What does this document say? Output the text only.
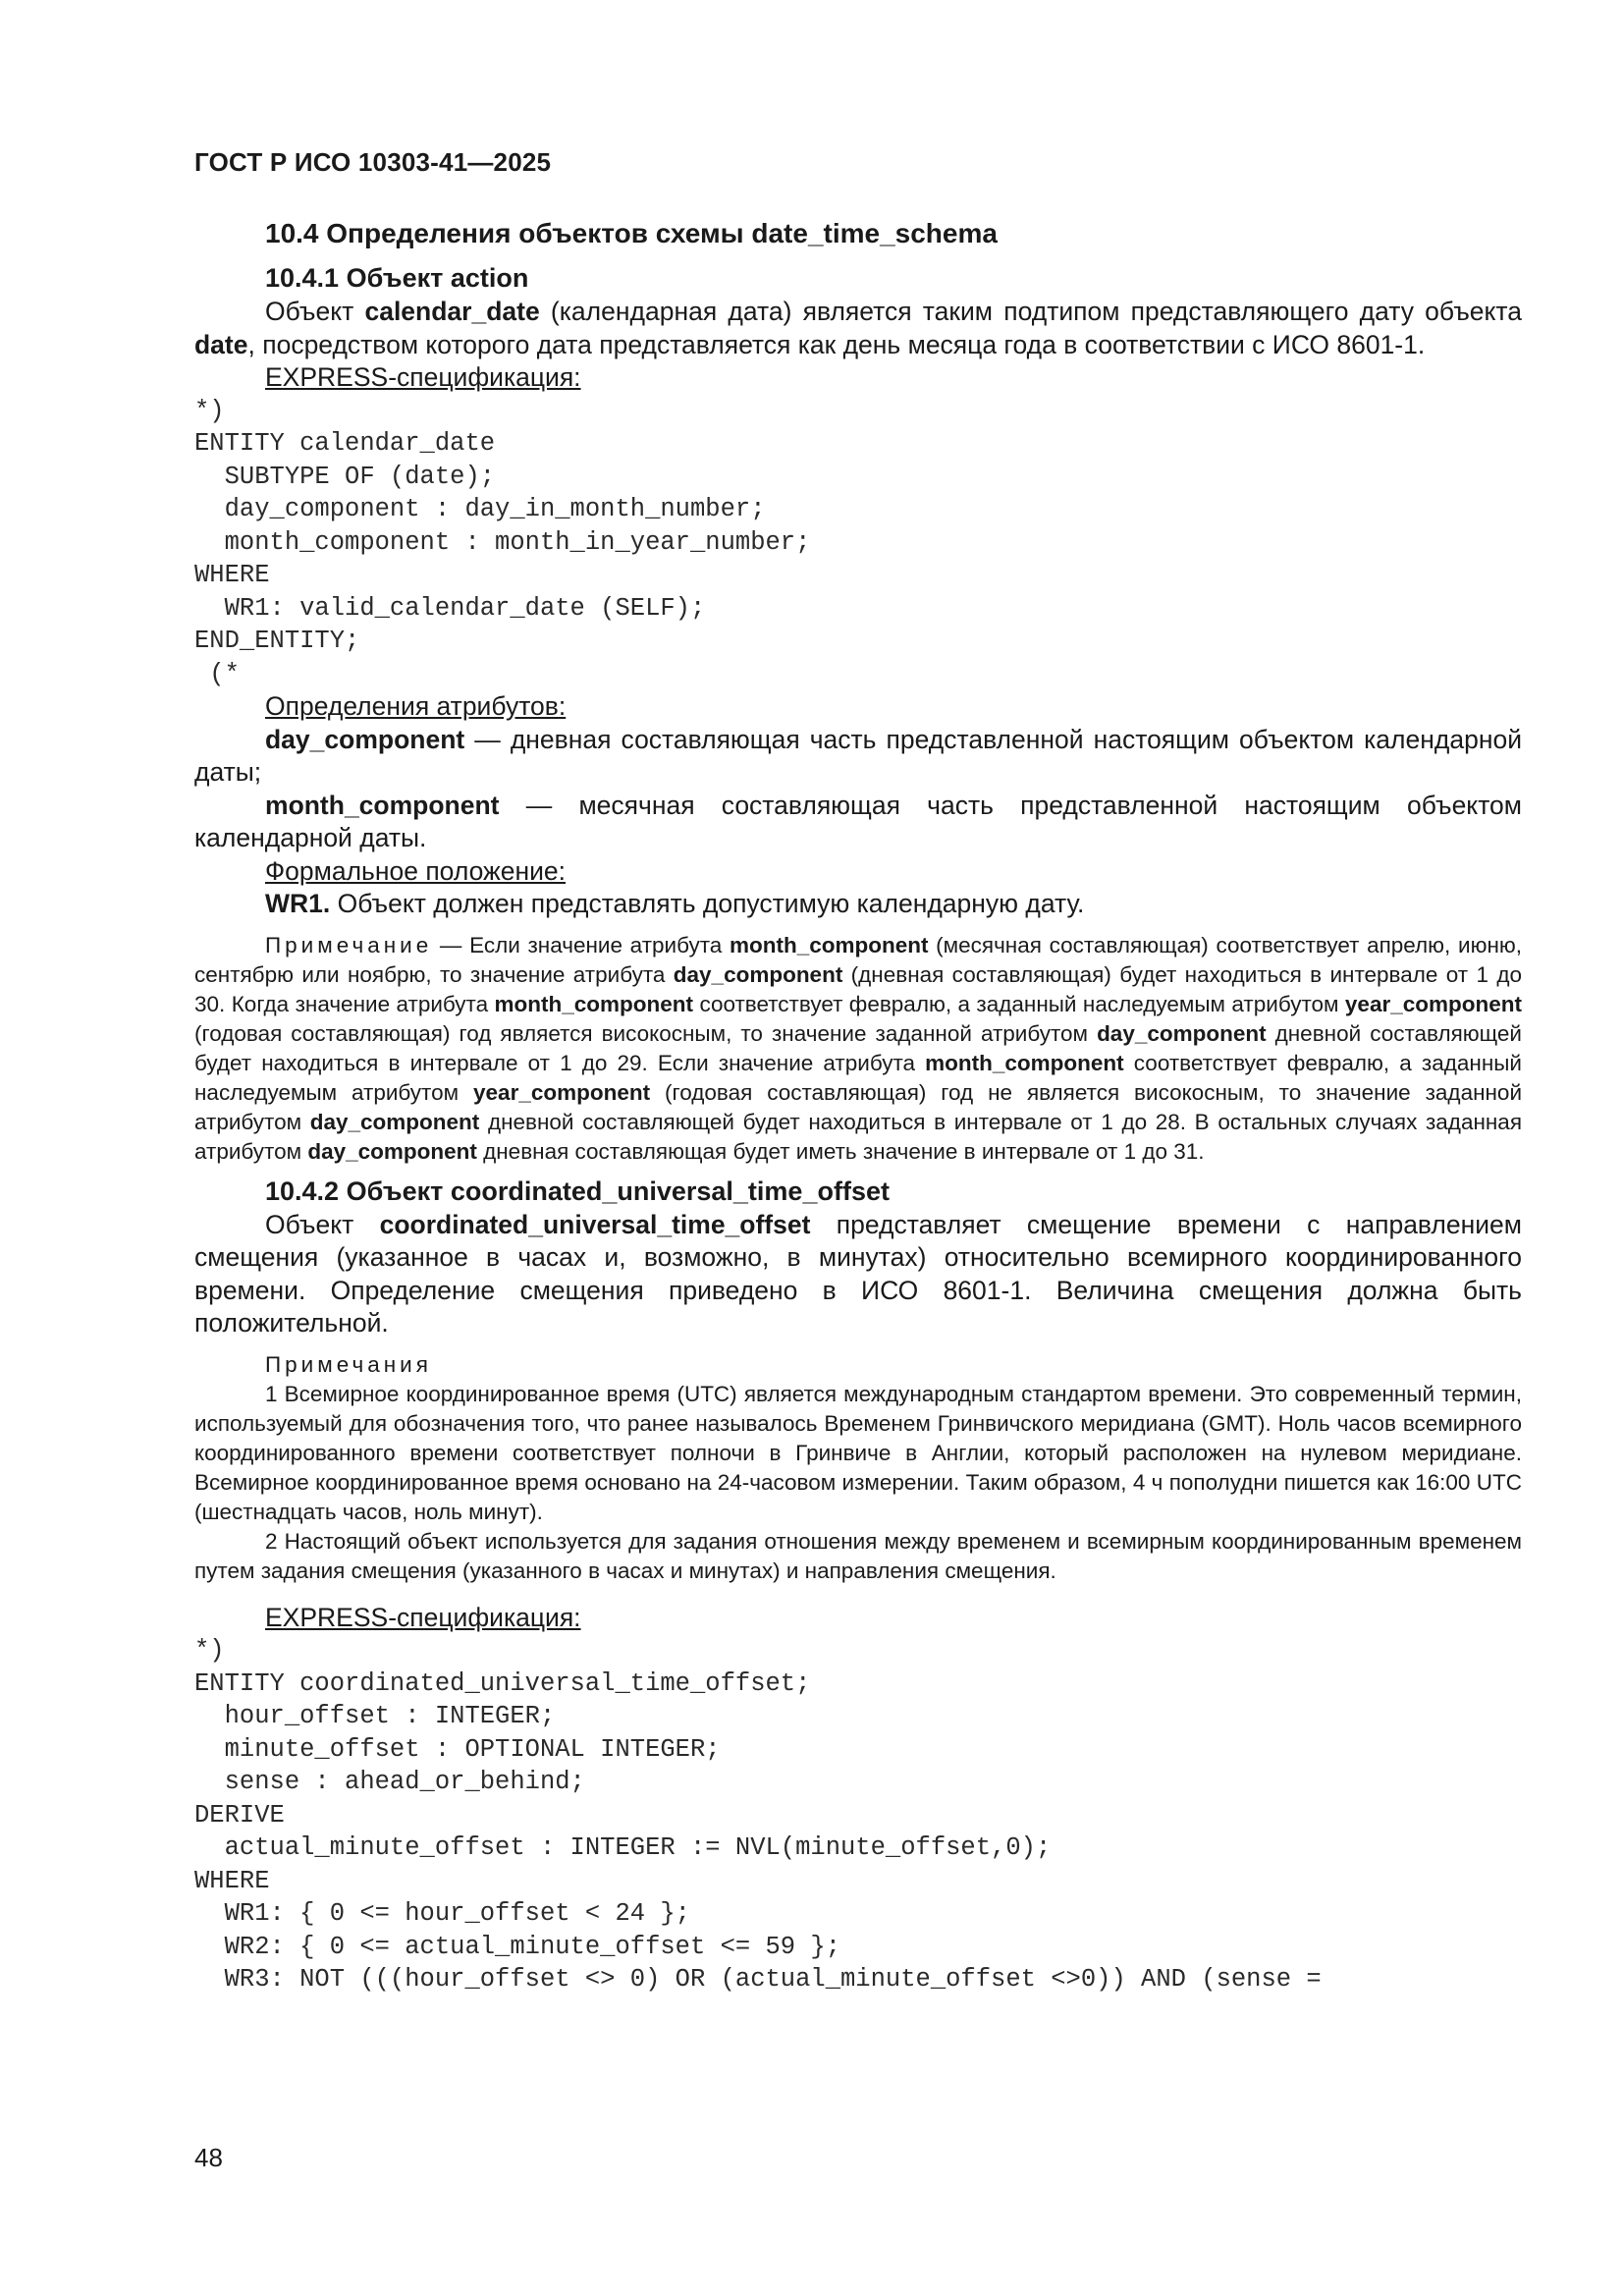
ГОСТ Р ИСО 10303-41—2025
10.4 Определения объектов схемы date_time_schema
10.4.1 Объект action

Объект calendar_date (календарная дата) является таким подтипом представляющего дату объекта date, посредством которого дата представляется как день месяца года в соответствии с ИСО 8601-1.

EXPRESS-спецификация:
*)
ENTITY calendar_date
SUBTYPE OF (date);
day_component : day_in_month_number;
month_component : month_in_year_number;
WHERE
WR1: valid_calendar_date (SELF);
END_ENTITY;
(*
Определения атрибутов:

day_component — дневная составляющая часть представленной настоящим объектом календарной даты;

month_component — месячная составляющая часть представленной настоящим объектом календарной даты.

Формальное положение:

WR1. Объект должен представлять допустимую календарную дату.

Примечание — Если значение атрибута month_component (месячная составляющая) соответствует апрелю, июню, сентябрю или ноябрю, то значение атрибута day_component (дневная составляющая) будет находиться в интервале от 1 до 30. Когда значение атрибута month_component соответствует февралю, а заданный наследуемым атрибутом year_component (годовая составляющая) год является високосным, то значение заданной атрибутом day_component дневной составляющей будет находиться в интервале от 1 до 29. Если значение атрибута month_component соответствует февралю, а заданный наследуемым атрибутом year_component (годовая составляющая) год не является високосным, то значение заданной атрибутом day_component дневной составляющей будет находиться в интервале от 1 до 28. В остальных случаях заданная атрибутом day_component дневная составляющая будет иметь значение в интервале от 1 до 31.

10.4.2 Объект coordinated_universal_time_offset

Объект coordinated_universal_time_offset представляет смещение времени с направлением смещения (указанное в часах и, возможно, в минутах) относительно всемирного координированного времени. Определение смещения приведено в ИСО 8601-1. Величина смещения должна быть положительной.

Примечания

1 Всемирное координированное время (UTC) является международным стандартом времени. Это современный термин, используемый для обозначения того, что ранее называлось Временем Гринвичского меридиана (GMT). Ноль часов всемирного координированного времени соответствует полночи в Гринвиче в Англии, который расположен на нулевом меридиане. Всемирное координированное время основано на 24-часовом измерении. Таким образом, 4 ч пополудни пишется как 16:00 UTC (шестнадцать часов, ноль минут).

2 Настоящий объект используется для задания отношения между временем и всемирным координированным временем путем задания смещения (указанного в часах и минутах) и направления смещения.

EXPRESS-спецификация:
*)
ENTITY coordinated_universal_time_offset;
hour_offset : INTEGER;
minute_offset : OPTIONAL INTEGER;
sense : ahead_or_behind;
DERIVE
actual_minute_offset : INTEGER := NVL(minute_offset,0);
WHERE
WR1: { 0 <= hour_offset < 24 };
WR2: { 0 <= actual_minute_offset <= 59 };
WR3: NOT (((hour_offset <> 0) OR (actual_minute_offset <>0)) AND (sense =
48
